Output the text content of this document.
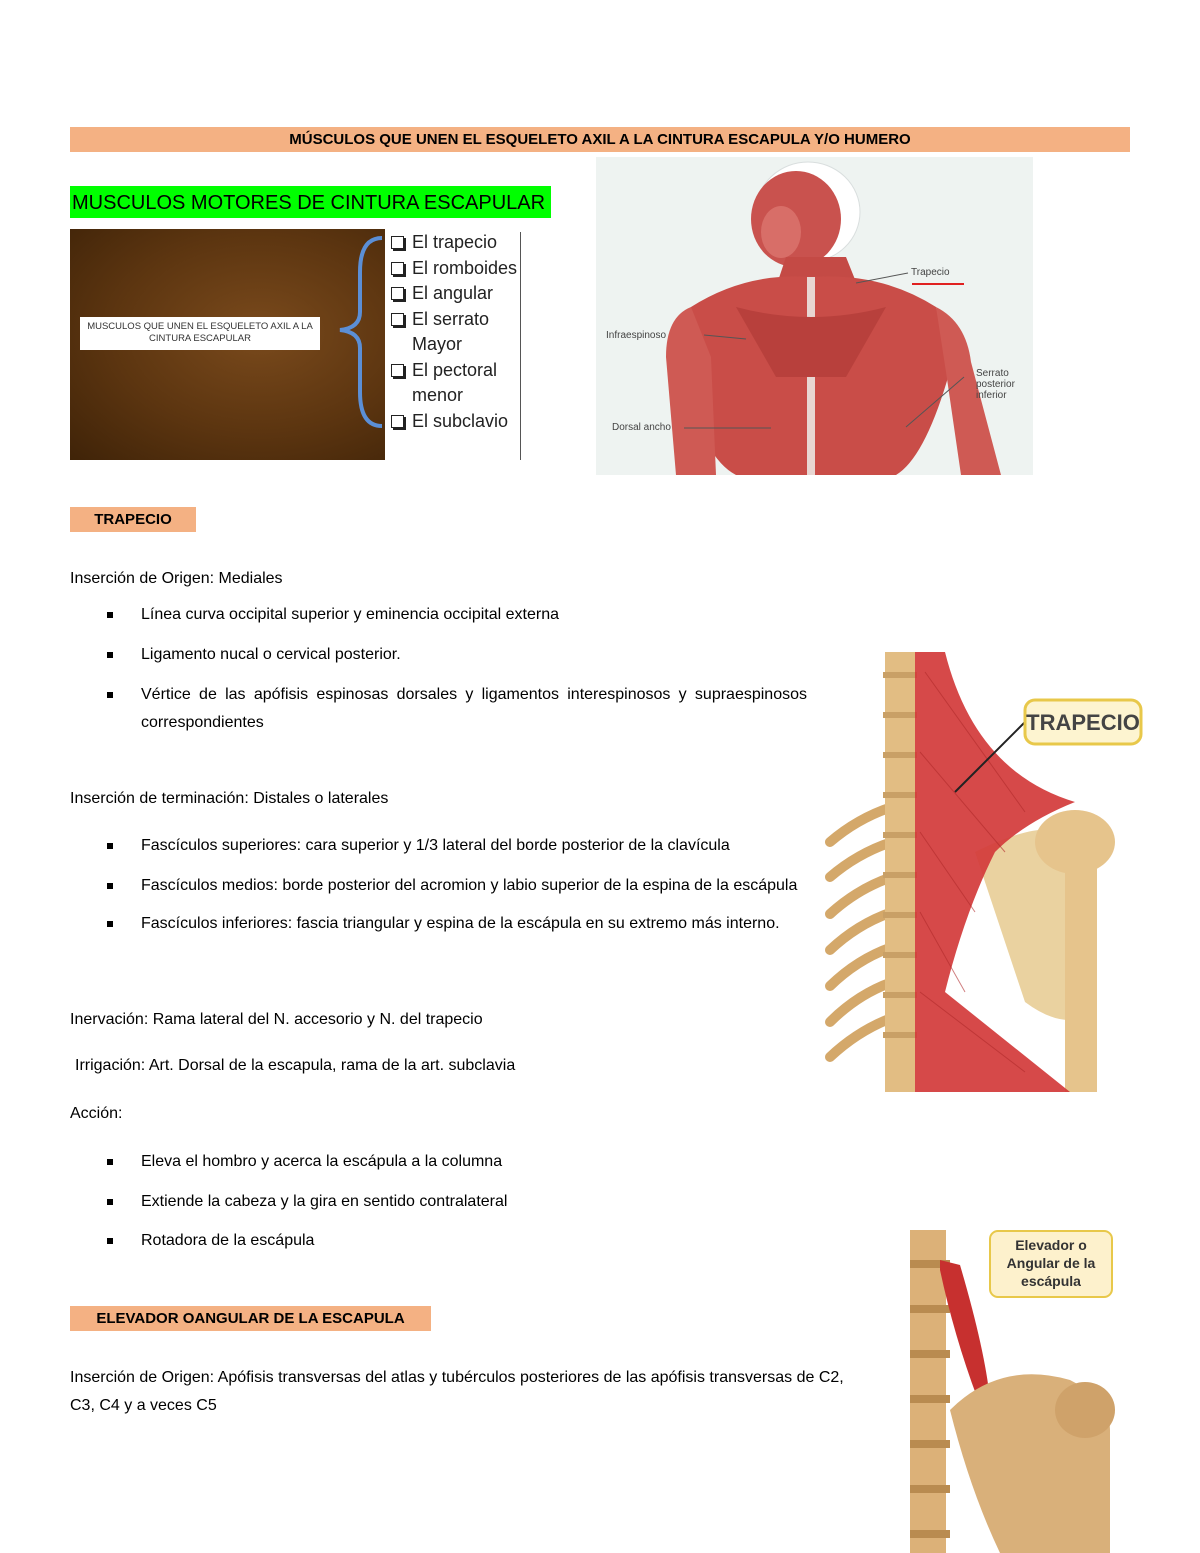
MÚSCULOS QUE UNEN EL ESQUELETO AXIL A LA CINTURA ESCAPULA Y/O HUMERO
MUSCULOS MOTORES DE CINTURA ESCAPULAR
MUSCULOS QUE UNEN EL ESQUELETO AXIL A LA CINTURA ESCAPULAR
El trapecio
El romboides
El angular
El serrato Mayor
El pectoral menor
El subclavio
Trapecio
Infraespinoso
Dorsal ancho
Serrato
posterior
inferior
TRAPECIO
Inserción de Origen: Mediales
Línea curva occipital superior y eminencia occipital externa
Ligamento nucal o cervical posterior.
Vértice de las apófisis espinosas dorsales y ligamentos interespinosos y supraespinosos correspondientes
Inserción de terminación: Distales o laterales
Fascículos superiores: cara superior y 1/3 lateral del borde posterior de la clavícula
Fascículos medios: borde posterior del acromion y labio superior de la espina de la escápula
Fascículos inferiores: fascia triangular y espina de la escápula en su extremo más interno.
Inervación: Rama lateral del N. accesorio y N. del trapecio
Irrigación: Art. Dorsal de la escapula, rama de la art. subclavia
Acción:
Eleva el hombro y acerca la escápula a la columna
Extiende la cabeza y la gira en sentido contralateral
Rotadora de la escápula
TRAPECIO
ELEVADOR OANGULAR DE LA ESCAPULA
Inserción de Origen: Apófisis transversas del atlas y tubérculos posteriores de las apófisis transversas de C2, C3, C4 y a veces C5
Elevador o
Angular de la
escápula
